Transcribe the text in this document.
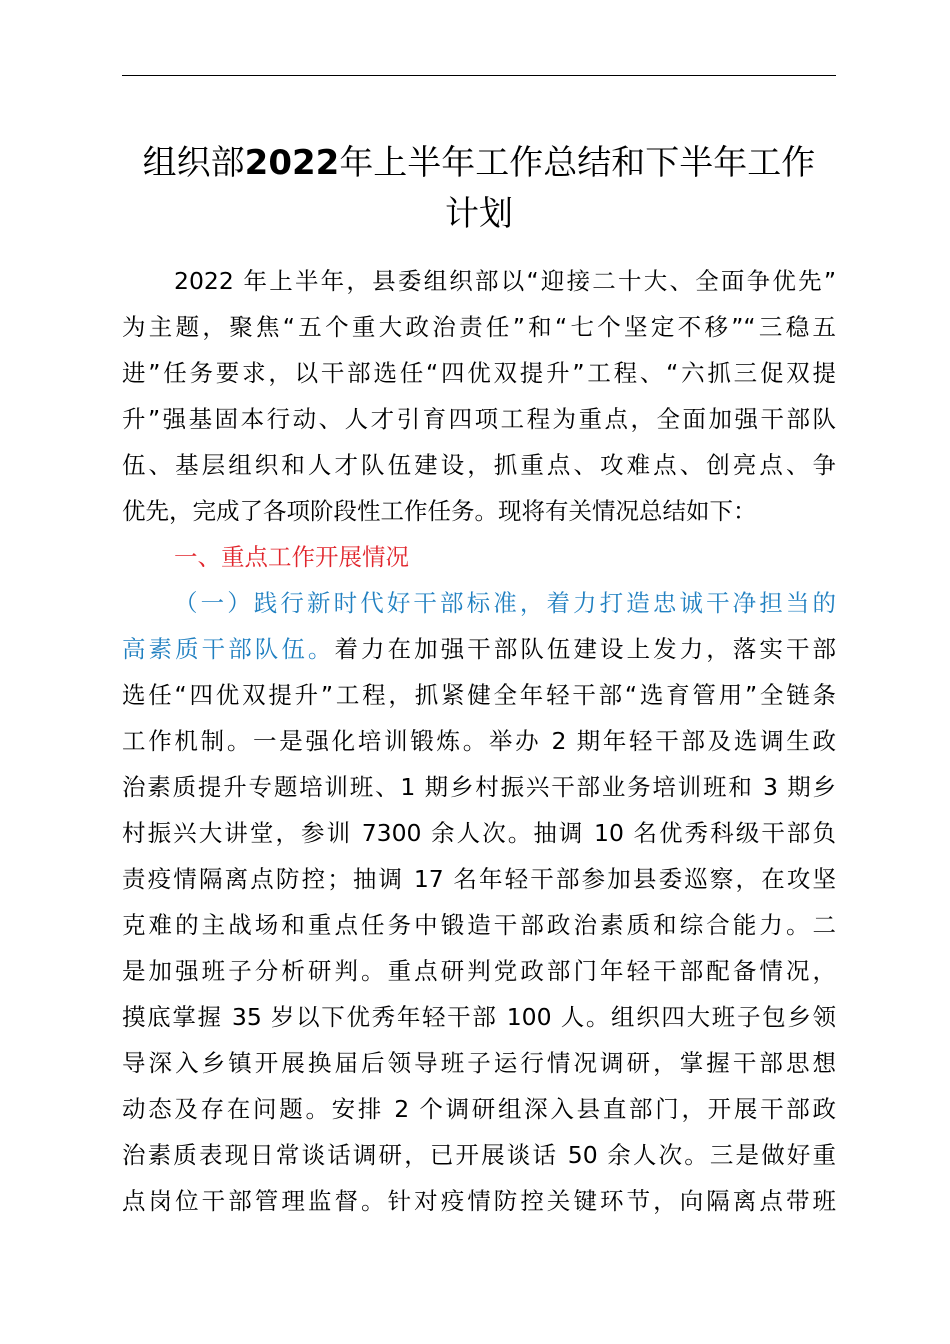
组织部2022年上半年工作总结和下半年工作
计划
2022 年上半年，县委组织部以“迎接二十大、全面争优先”
为主题，聚焦“五个重大政治责任”和“七个坚定不移”“三稳五
进”任务要求，以干部选任“四优双提升”工程、“六抓三促双提
升”强基固本行动、人才引育四项工程为重点，全面加强干部队
伍、基层组织和人才队伍建设，抓重点、攻难点、创亮点、争
优先，完成了各项阶段性工作任务。现将有关情况总结如下：
一、重点工作开展情况
（一）践行新时代好干部标准，着力打造忠诚干净担当的
高素质干部队伍。着力在加强干部队伍建设上发力，落实干部
选任“四优双提升”工程，抓紧健全年轻干部“选育管用”全链条
工作机制。一是强化培训锻炼。举办 2 期年轻干部及选调生政
治素质提升专题培训班、1 期乡村振兴干部业务培训班和 3 期乡
村振兴大讲堂，参训 7300 余人次。抽调 10 名优秀科级干部负
责疫情隔离点防控；抽调 17 名年轻干部参加县委巡察，在攻坚
克难的主战场和重点任务中锻造干部政治素质和综合能力。二
是加强班子分析研判。重点研判党政部门年轻干部配备情况，
摸底掌握 35 岁以下优秀年轻干部 100 人。组织四大班子包乡领
导深入乡镇开展换届后领导班子运行情况调研，掌握干部思想
动态及存在问题。安排 2 个调研组深入县直部门，开展干部政
治素质表现日常谈话调研，已开展谈话 50 余人次。三是做好重
点岗位干部管理监督。针对疫情防控关键环节，向隔离点带班
